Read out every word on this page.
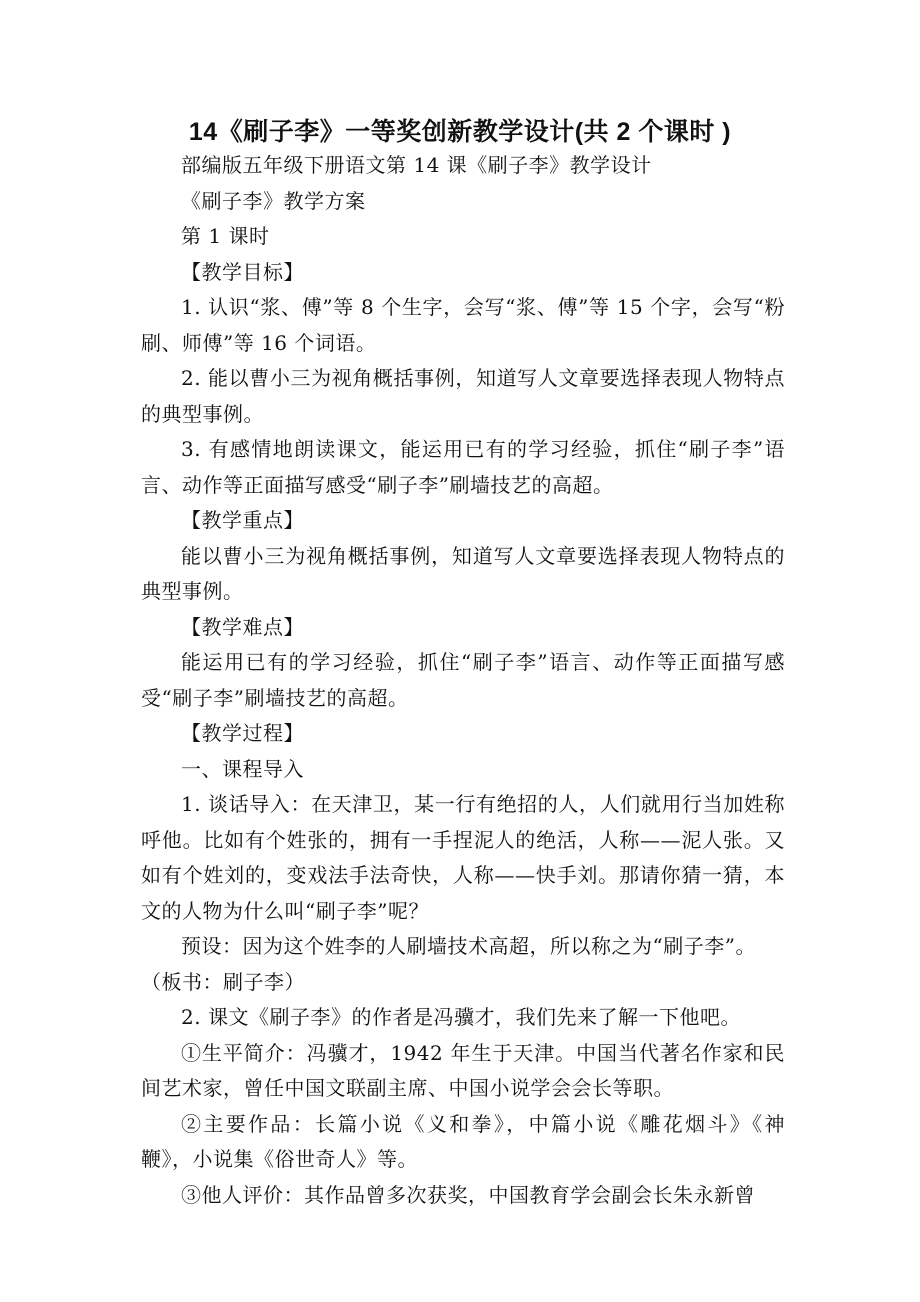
14《刷子李》一等奖创新教学设计(共 2 个课时 )

部编版五年级下册语文第 14 课《刷子李》教学设计

《刷子李》教学方案

第 1 课时

【教学目标】

1. 认识“浆、傅”等 8 个生字，会写“浆、傅”等 15 个字，会写“粉刷、师傅”等 16 个词语。

2. 能以曹小三为视角概括事例，知道写人文章要选择表现人物特点的典型事例。

3. 有感情地朗读课文，能运用已有的学习经验，抓住“刷子李”语言、动作等正面描写感受“刷子李”刷墙技艺的高超。

【教学重点】

能以曹小三为视角概括事例，知道写人文章要选择表现人物特点的典型事例。

【教学难点】

能运用已有的学习经验，抓住“刷子李”语言、动作等正面描写感受“刷子李”刷墙技艺的高超。

【教学过程】

一、课程导入

1. 谈话导入：在天津卫，某一行有绝招的人，人们就用行当加姓称呼他。比如有个姓张的，拥有一手捏泥人的绝活，人称——泥人张。又如有个姓刘的，变戏法手法奇快，人称——快手刘。那请你猜一猜，本文的人物为什么叫“刷子李”呢？

预设：因为这个姓李的人刷墙技术高超，所以称之为“刷子李”。

（板书：刷子李）

2. 课文《刷子李》的作者是冯骥才，我们先来了解一下他吧。

①生平简介：冯骥才，1942 年生于天津。中国当代著名作家和民间艺术家，曾任中国文联副主席、中国小说学会会长等职。

②主要作品：长篇小说《义和拳》，中篇小说《雕花烟斗》《神鞭》，小说集《俗世奇人》等。

③他人评价：其作品曾多次获奖，中国教育学会副会长朱永新曾
